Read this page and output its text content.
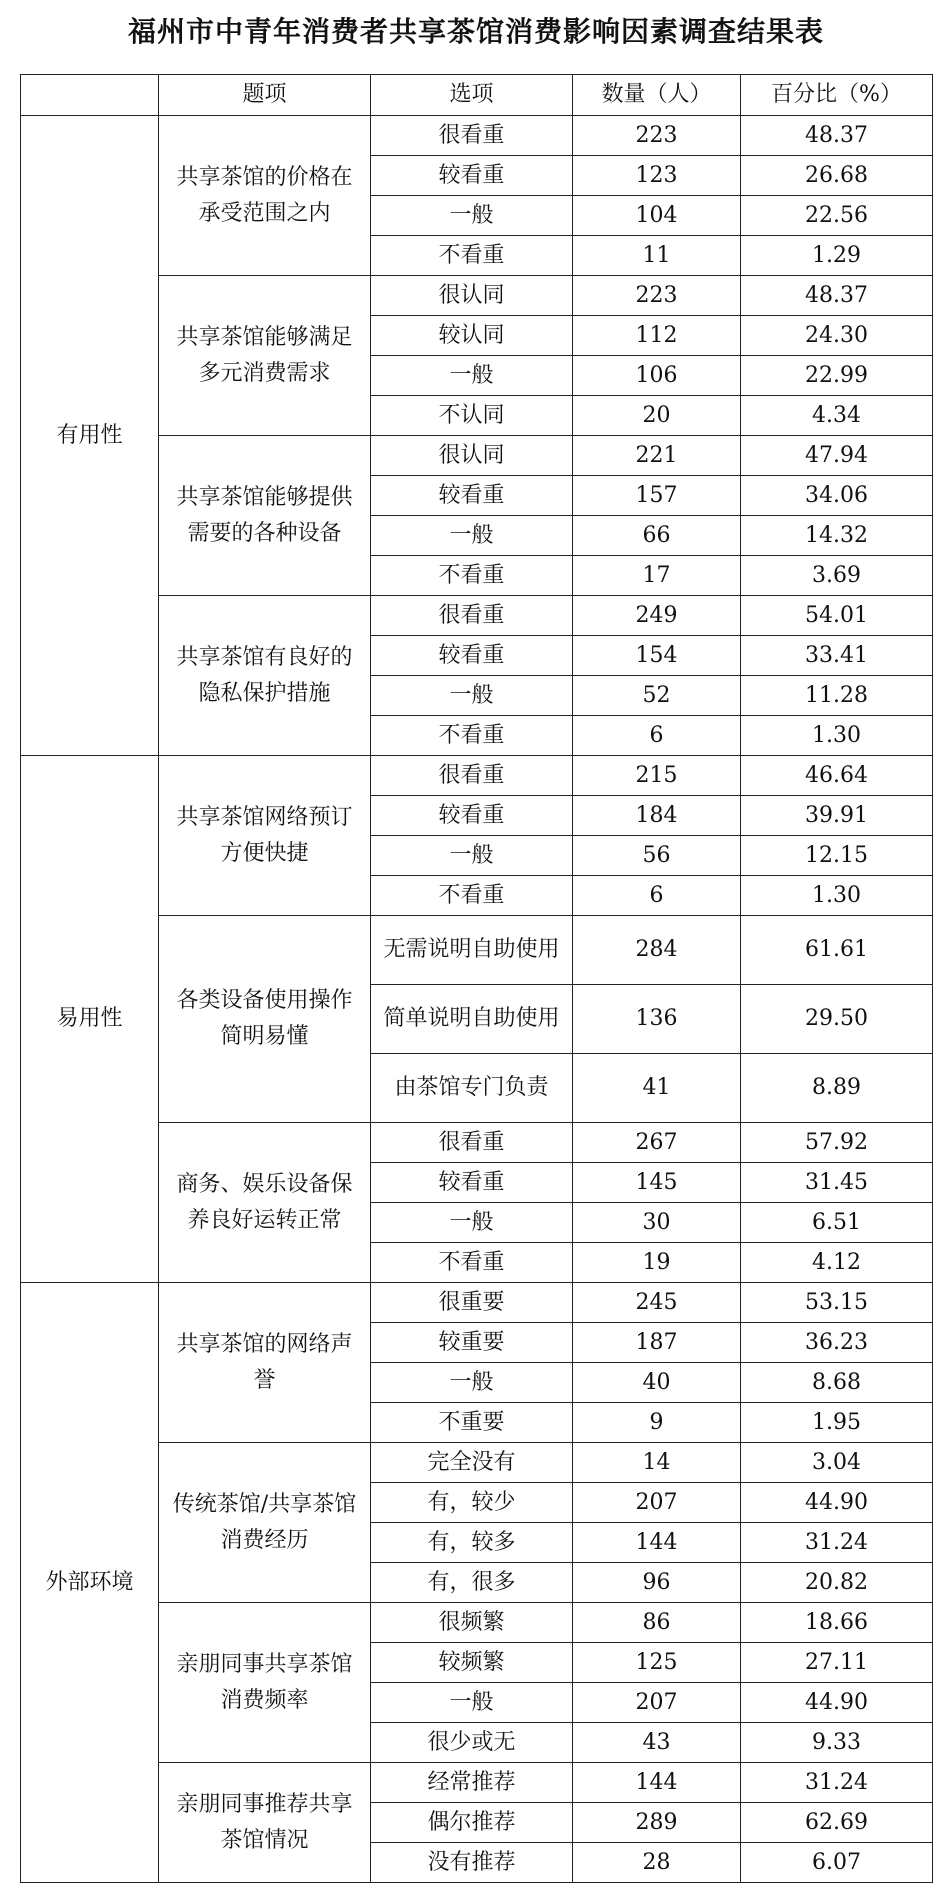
福州市中青年消费者共享茶馆消费影响因素调查结果表
	题项	选项	数量（人）	百分比（%）
有用性	共享茶馆的价格在承受范围之内	很看重	223	48.37
		较看重	123	26.68
		一般	104	22.56
		不看重	11	1.29
	共享茶馆能够满足多元消费需求	很认同	223	48.37
		较认同	112	24.30
		一般	106	22.99
		不认同	20	4.34
	共享茶馆能够提供需要的各种设备	很认同	221	47.94
		较看重	157	34.06
		一般	66	14.32
		不看重	17	3.69
	共享茶馆有良好的隐私保护措施	很看重	249	54.01
		较看重	154	33.41
		一般	52	11.28
		不看重	6	1.30
易用性	共享茶馆网络预订方便快捷	很看重	215	46.64
		较看重	184	39.91
		一般	56	12.15
		不看重	6	1.30
	各类设备使用操作简明易懂	无需说明自助使用	284	61.61
		简单说明自助使用	136	29.50
		由茶馆专门负责	41	8.89
	商务、娱乐设备保养良好运转正常	很看重	267	57.92
		较看重	145	31.45
		一般	30	6.51
		不看重	19	4.12
外部环境	共享茶馆的网络声誉	很重要	245	53.15
		较重要	187	36.23
		一般	40	8.68
		不重要	9	1.95
	传统茶馆/共享茶馆消费经历	完全没有	14	3.04
		有，较少	207	44.90
		有，较多	144	31.24
		有，很多	96	20.82
	亲朋同事共享茶馆消费频率	很频繁	86	18.66
		较频繁	125	27.11
		一般	207	44.90
		很少或无	43	9.33
	亲朋同事推荐共享茶馆情况	经常推荐	144	31.24
		偶尔推荐	289	62.69
		没有推荐	28	6.07
